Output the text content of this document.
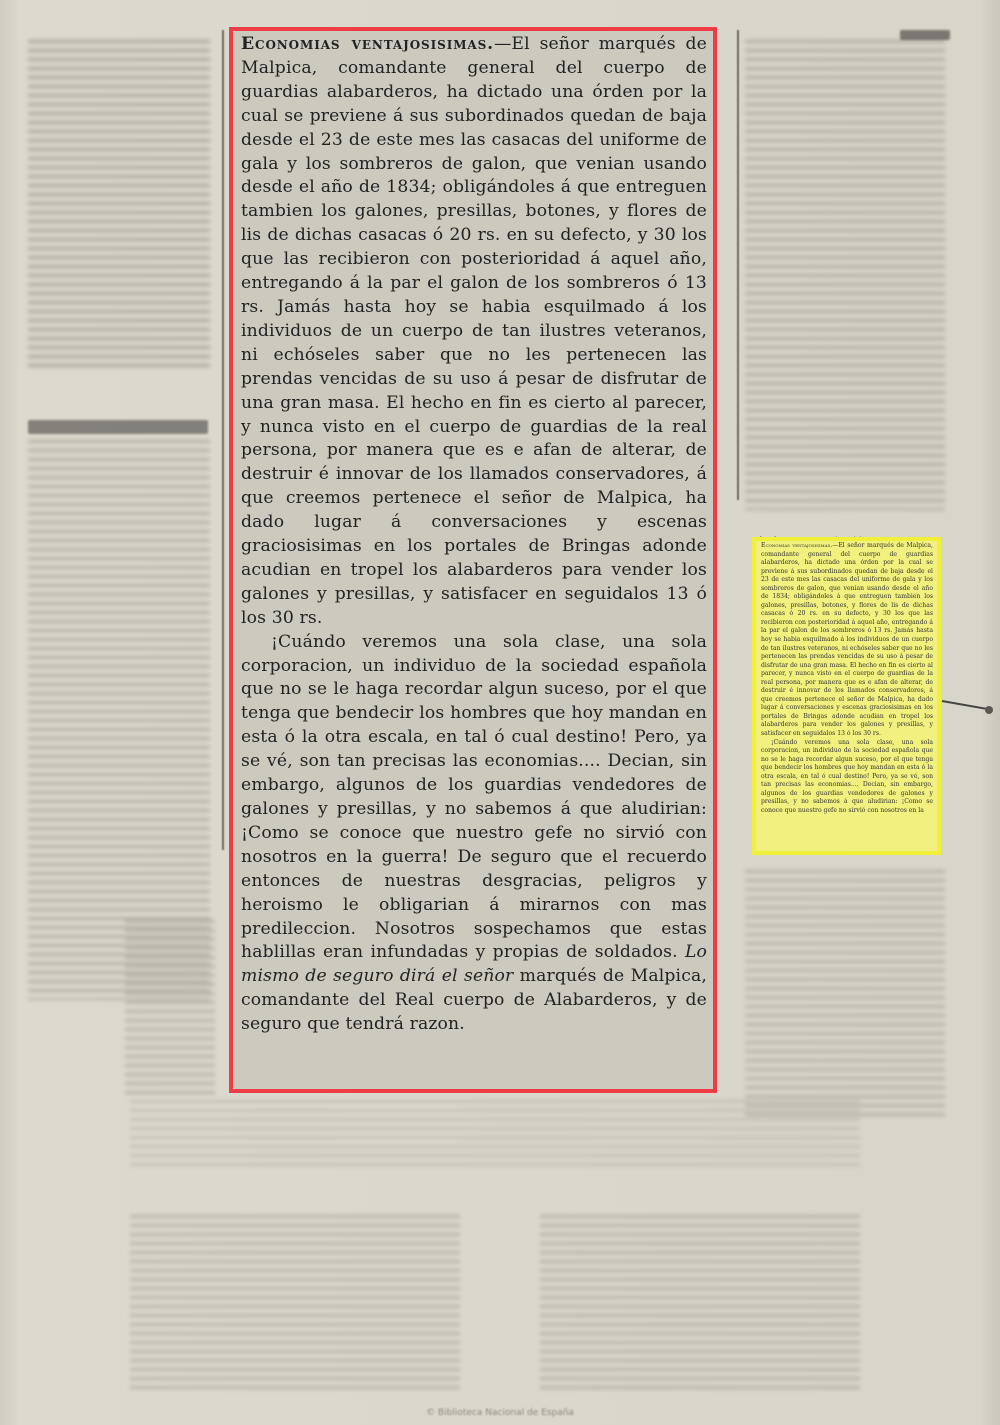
Economias ventajosisimas.—El señor marqués de Malpica, comandante general del cuerpo de guardias alabarderos, ha dictado una órden por la cual se previene á sus subordinados quedan de baja desde el 23 de este mes las casacas del uniforme de gala y los sombreros de galon, que venian usando desde el año de 1834; obligándoles á que entreguen tambien los galones, presillas, botones, y flores de lis de dichas casacas ó 20 rs. en su defecto, y 30 los que las recibieron con posterioridad á aquel año, entregando á la par el galon de los sombreros ó 13 rs. Jamás hasta hoy se habia esquilmado á los individuos de un cuerpo de tan ilustres veteranos, ni echóseles saber que no les pertenecen las prendas vencidas de su uso á pesar de disfrutar de una gran masa. El hecho en fin es cierto al parecer, y nunca visto en el cuerpo de guardias de la real persona, por manera que es e afan de alterar, de destruir é innovar de los llamados conservadores, á que creemos pertenece el señor de Malpica, ha dado lugar á conversaciones y escenas graciosisimas en los portales de Bringas adonde acudian en tropel los alabarderos para vender los galones y presillas, y satisfacer en seguidalos 13 ó los 30 rs.

¡Cuándo veremos una sola clase, una sola corporacion, un individuo de la sociedad española que no se le haga recordar algun suceso, por el que tenga que bendecir los hombres que hoy mandan en esta ó la otra escala, en tal ó cual destino! Pero, ya se vé, son tan precisas las economias.... Decian, sin embargo, algunos de los guardias vendedores de galones y presillas, y no sabemos á que aludirian: ¡Como se conoce que nuestro gefe no sirvió con nosotros en la guerra! De seguro que el recuerdo entonces de nuestras desgracias, peligros y heroismo le obligarian á mirarnos con mas predileccion. Nosotros sospechamos que estas hablillas eran infundadas y propias de soldados. Lo mismo de seguro dirá el señor marqués de Malpica, comandante del Real cuerpo de Alabarderos, y de seguro que tendrá razon.

Economias ventajosisimas.—El señor marqués de Malpica, comandante general del cuerpo de guardias alabarderos, ha dictado una órden por la cual se previene á sus subordinados quedan de baja desde el 23 de este mes las casacas del uniforme de gala y los sombreros de galon, que venian usando desde el año de 1834; obligándoles á que entreguen tambien los galones, presillas, botones, y flores de lis de dichas casacas ó 20 rs. en su defecto, y 30 los que las recibieron con posterioridad á aquel año, entregando á la par el galon de los sombreros ó 13 rs. Jamás hasta hoy se habia esquilmado á los individuos de un cuerpo de tan ilustres veteranos, ni echóseles saber que no les pertenecen las prendas vencidas de su uso á pesar de disfrutar de una gran masa. El hecho en fin es cierto al parecer, y nunca visto en el cuerpo de guardias de la real persona, por manera que es e afan de alterar, de destruir é innovar de los llamados conservadores, á que creemos pertenece el señor de Malpica, ha dado lugar á conversaciones y escenas graciosisimas en los portales de Bringas adonde acudian en tropel los alabarderos para vender los galones y presillas, y satisfacer en seguidalos 13 ó los 30 rs.

¡Cuándo veremos una sola clase, una sola corporacion, un individuo de la sociedad española que no se le haga recordar algun suceso, por el que tenga que bendecir los hombres que hoy mandan en esta ó la otra escala, en tal ó cual destino! Pero, ya se vé, son tan precisas las economias.... Decian, sin embargo, algunos de los guardias vendedores de galones y presillas, y no sabemos á que aludirian: ¡Como se conoce que nuestro gefe no sirvió con nosotros en la

© Biblioteca Nacional de España
